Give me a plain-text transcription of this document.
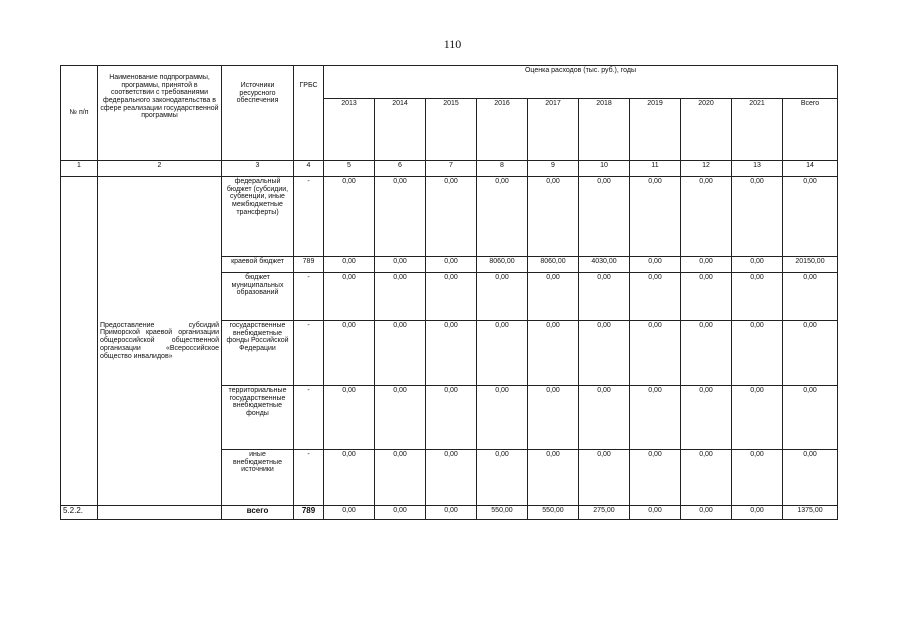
110
№ п/п	Наименование подпрограммы, программы, принятой в соответствии с требованиями федерального законодательства в сфере реализации государственной программы	Источники ресурсного обеспечения	ГРБС	Оценка расходов (тыс. руб.), годы									
				2013	2014	2015	2016	2017	2018	2019	2020	2021	Всего
1	2	3	4	5	6	7	8	9	10	11	12	13	14
	Предоставление субсидий Приморской краевой организации общероссийской общественной организации «Всероссийское общество инвалидов»	федеральный бюджет (субсидии, субвенции, иные межбюджетные трансферты)	-	0,00	0,00	0,00	0,00	0,00	0,00	0,00	0,00	0,00	0,00
		краевой бюджет	789	0,00	0,00	0,00	8060,00	8060,00	4030,00	0,00	0,00	0,00	20150,00
		бюджет муниципальных образований	-	0,00	0,00	0,00	0,00	0,00	0,00	0,00	0,00	0,00	0,00
		государственные внебюджетные фонды Российской Федерации	-	0,00	0,00	0,00	0,00	0,00	0,00	0,00	0,00	0,00	0,00
		территориальные государственные внебюджетные фонды	-	0,00	0,00	0,00	0,00	0,00	0,00	0,00	0,00	0,00	0,00
		иные внебюджетные источники	-	0,00	0,00	0,00	0,00	0,00	0,00	0,00	0,00	0,00	0,00
5.2.2.		всего	789	0,00	0,00	0,00	550,00	550,00	275,00	0,00	0,00	0,00	1375,00
